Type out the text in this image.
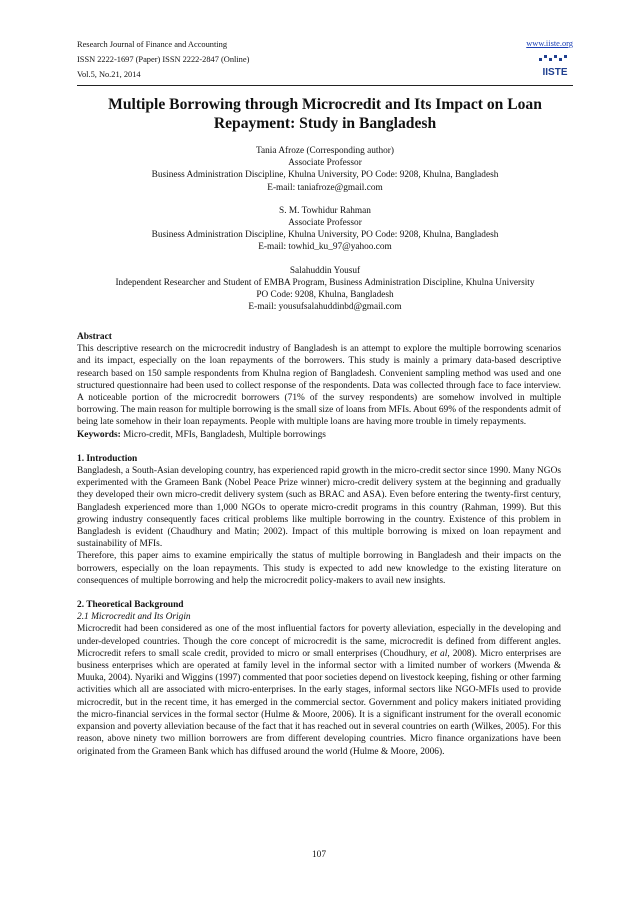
Research Journal of Finance and Accounting
ISSN 2222-1697 (Paper) ISSN 2222-2847 (Online)
Vol.5, No.21, 2014
www.iiste.org
IISTE
Multiple Borrowing through Microcredit and Its Impact on Loan
Repayment: Study in Bangladesh
Tania Afroze (Corresponding author)
Associate Professor
Business Administration Discipline, Khulna University, PO Code: 9208, Khulna, Bangladesh
E-mail: taniafroze@gmail.com
S. M. Towhidur Rahman
Associate Professor
Business Administration Discipline, Khulna University, PO Code: 9208, Khulna, Bangladesh
E-mail: towhid_ku_97@yahoo.com
Salahuddin Yousuf
Independent Researcher and Student of EMBA Program, Business Administration Discipline, Khulna University
PO Code: 9208, Khulna, Bangladesh
E-mail: yousufsalahuddinbd@gmail.com

Abstract

This descriptive research on the microcredit industry of Bangladesh is an attempt to explore the multiple borrowing scenarios and its impact, especially on the loan repayments of the borrowers. This study is mainly a primary data-based descriptive research based on 150 sample respondents from Khulna region of Bangladesh. Convenient sampling method was used and one structured questionnaire had been used to collect response of the respondents. Data was collected through face to face interview. A noticeable portion of the microcredit borrowers (71% of the survey respondents) are somehow involved in multiple borrowing. The main reason for multiple borrowing is the small size of loans from MFIs. About 69% of the respondents admit of being late somehow in their loan repayments. People with multiple loans are having more trouble in timely repayments.

Keywords: Micro-credit, MFIs, Bangladesh, Multiple borrowings

1. Introduction

Bangladesh, a South-Asian developing country, has experienced rapid growth in the micro-credit sector since 1990. Many NGOs experimented with the Grameen Bank (Nobel Peace Prize winner) micro-credit delivery system at the beginning and gradually they developed their own micro-credit delivery system (such as BRAC and ASA). Even before entering the twenty-first century, Bangladesh experienced more than 1,000 NGOs to operate micro-credit programs in this country (Rahman, 1999). But this growing industry consequently faces critical problems like multiple borrowing in the country. Existence of this problem in Bangladesh is evident (Chaudhury and Matin; 2002). Impact of this multiple borrowing is mixed on loan repayment and sustainability of MFIs.

Therefore, this paper aims to examine empirically the status of multiple borrowing in Bangladesh and their impacts on the borrowers, especially on the loan repayments. This study is expected to add new knowledge to the existing literature on consequences of multiple borrowing and help the microcredit policy-makers to avail new insights.

2. Theoretical Background

2.1 Microcredit and Its Origin

Microcredit had been considered as one of the most influential factors for poverty alleviation, especially in the developing and under-developed countries. Though the core concept of microcredit is the same, microcredit is defined from different angles. Microcredit refers to small scale credit, provided to micro or small enterprises (Choudhury, et al, 2008). Micro enterprises are business enterprises which are operated at family level in the informal sector with a limited number of workers (Mwenda & Muuka, 2004). Nyariki and Wiggins (1997) commented that poor societies depend on livestock keeping, fishing or other farming activities which all are associated with micro-enterprises. In the early stages, informal sectors like NGO-MFIs used to provide microcredit, but in the recent time, it has emerged in the commercial sector. Government and policy makers initiated providing the micro-financial services in the formal sector (Hulme & Moore, 2006). It is a significant instrument for the overall economic expansion and poverty alleviation because of the fact that it has reached out in several countries on earth (Wilkes, 2005). For this reason, above ninety two million borrowers are from different developing countries. Micro finance organizations have been originated from the Grameen Bank which has diffused around the world (Hulme & Moore, 2006).

107
